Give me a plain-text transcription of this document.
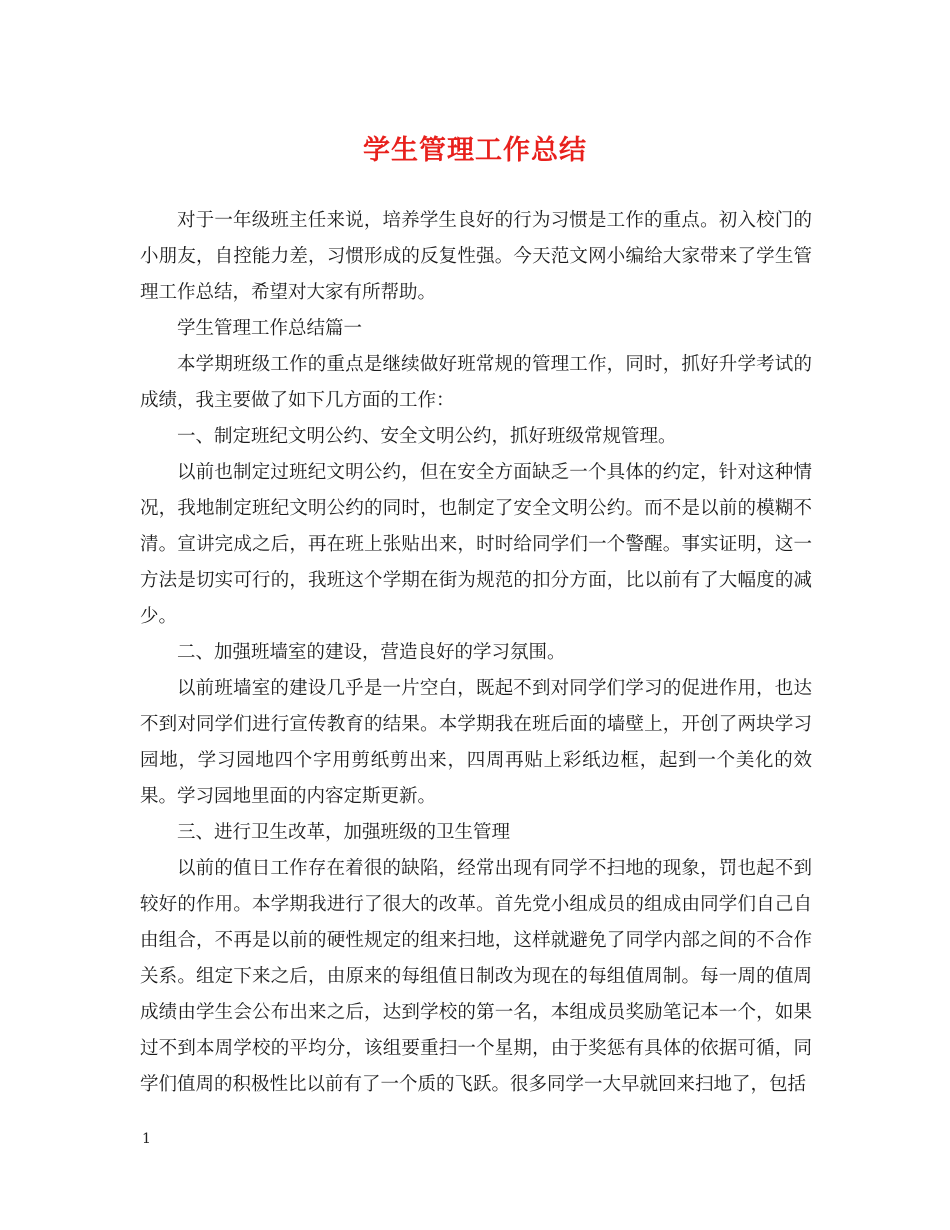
学生管理工作总结

对于一年级班主任来说，培养学生良好的行为习惯是工作的重点。初入校门的小朋友，自控能力差，习惯形成的反复性强。今天范文网小编给大家带来了学生管理工作总结，希望对大家有所帮助。

学生管理工作总结篇一

本学期班级工作的重点是继续做好班常规的管理工作，同时，抓好升学考试的成绩，我主要做了如下几方面的工作：

一、制定班纪文明公约、安全文明公约，抓好班级常规管理。

以前也制定过班纪文明公约，但在安全方面缺乏一个具体的约定，针对这种情况，我地制定班纪文明公约的同时，也制定了安全文明公约。而不是以前的模糊不清。宣讲完成之后，再在班上张贴出来，时时给同学们一个警醒。事实证明，这一方法是切实可行的，我班这个学期在街为规范的扣分方面，比以前有了大幅度的减少。

二、加强班墙室的建设，营造良好的学习氛围。

以前班墙室的建设几乎是一片空白，既起不到对同学们学习的促进作用，也达不到对同学们进行宣传教育的结果。本学期我在班后面的墙壁上，开创了两块学习园地，学习园地四个字用剪纸剪出来，四周再贴上彩纸边框，起到一个美化的效果。学习园地里面的内容定斯更新。

三、进行卫生改革，加强班级的卫生管理

以前的值日工作存在着很的缺陷，经常出现有同学不扫地的现象，罚也起不到较好的作用。本学期我进行了很大的改革。首先党小组成员的组成由同学们自己自由组合，不再是以前的硬性规定的组来扫地，这样就避免了同学内部之间的不合作关系。组定下来之后，由原来的每组值日制改为现在的每组值周制。每一周的值周成绩由学生会公布出来之后，达到学校的第一名，本组成员奖励笔记本一个，如果过不到本周学校的平均分，该组要重扫一个星期，由于奖惩有具体的依据可循，同学们值周的积极性比以前有了一个质的飞跃。很多同学一大早就回来扫地了，包括

1
